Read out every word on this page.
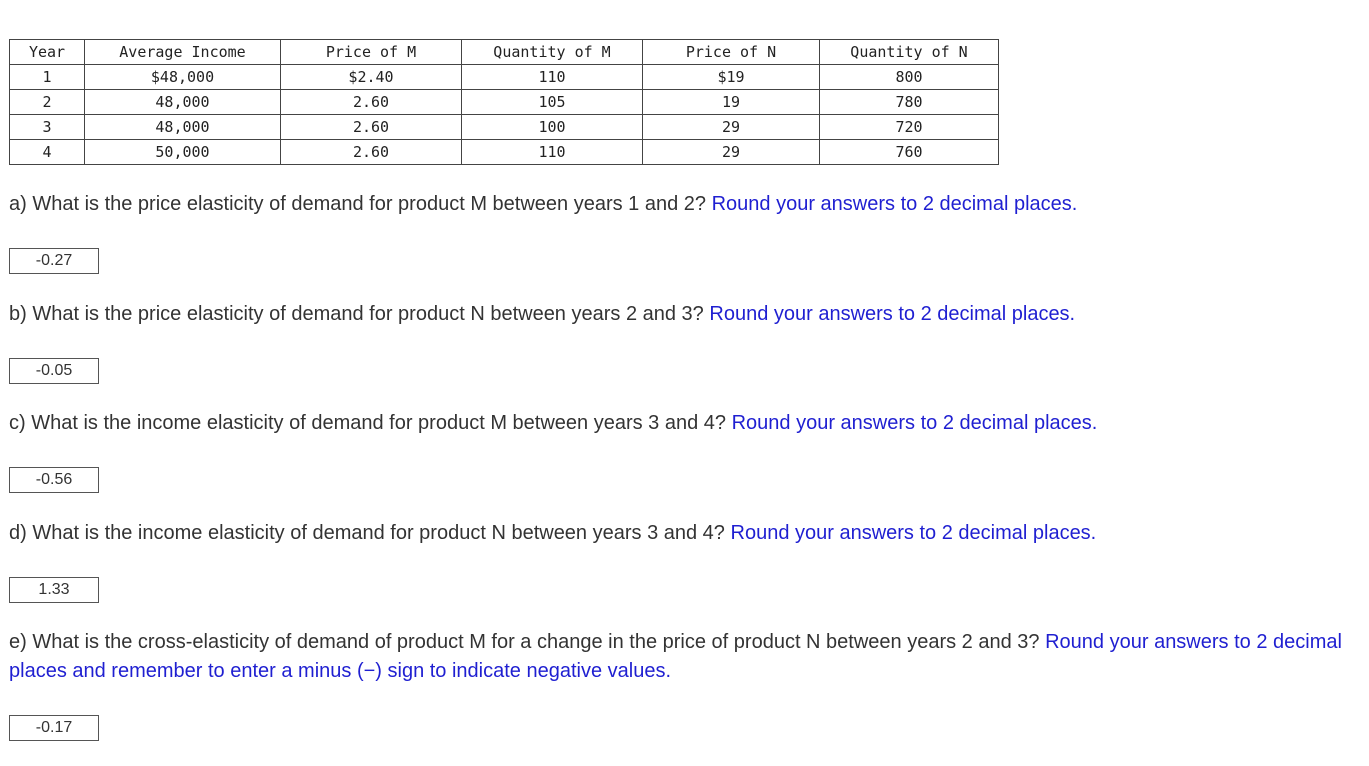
Year	Average Income	Price of M	Quantity of M	Price of N	Quantity of N
1	$48,000	$2.40	110	$19	800
2	48,000	2.60	105	19	780
3	48,000	2.60	100	29	720
4	50,000	2.60	110	29	760

a) What is the price elasticity of demand for product M between years 1 and 2? Round your answers to 2 decimal places.

-0.27

b) What is the price elasticity of demand for product N between years 2 and 3? Round your answers to 2 decimal places.

-0.05

c) What is the income elasticity of demand for product M between years 3 and 4? Round your answers to 2 decimal places.

-0.56

d) What is the income elasticity of demand for product N between years 3 and 4? Round your answers to 2 decimal places.

1.33

e) What is the cross-elasticity of demand of product M for a change in the price of product N between years 2 and 3? Round your answers to 2 decimal places and remember to enter a minus (−) sign to indicate negative values.

-0.17
